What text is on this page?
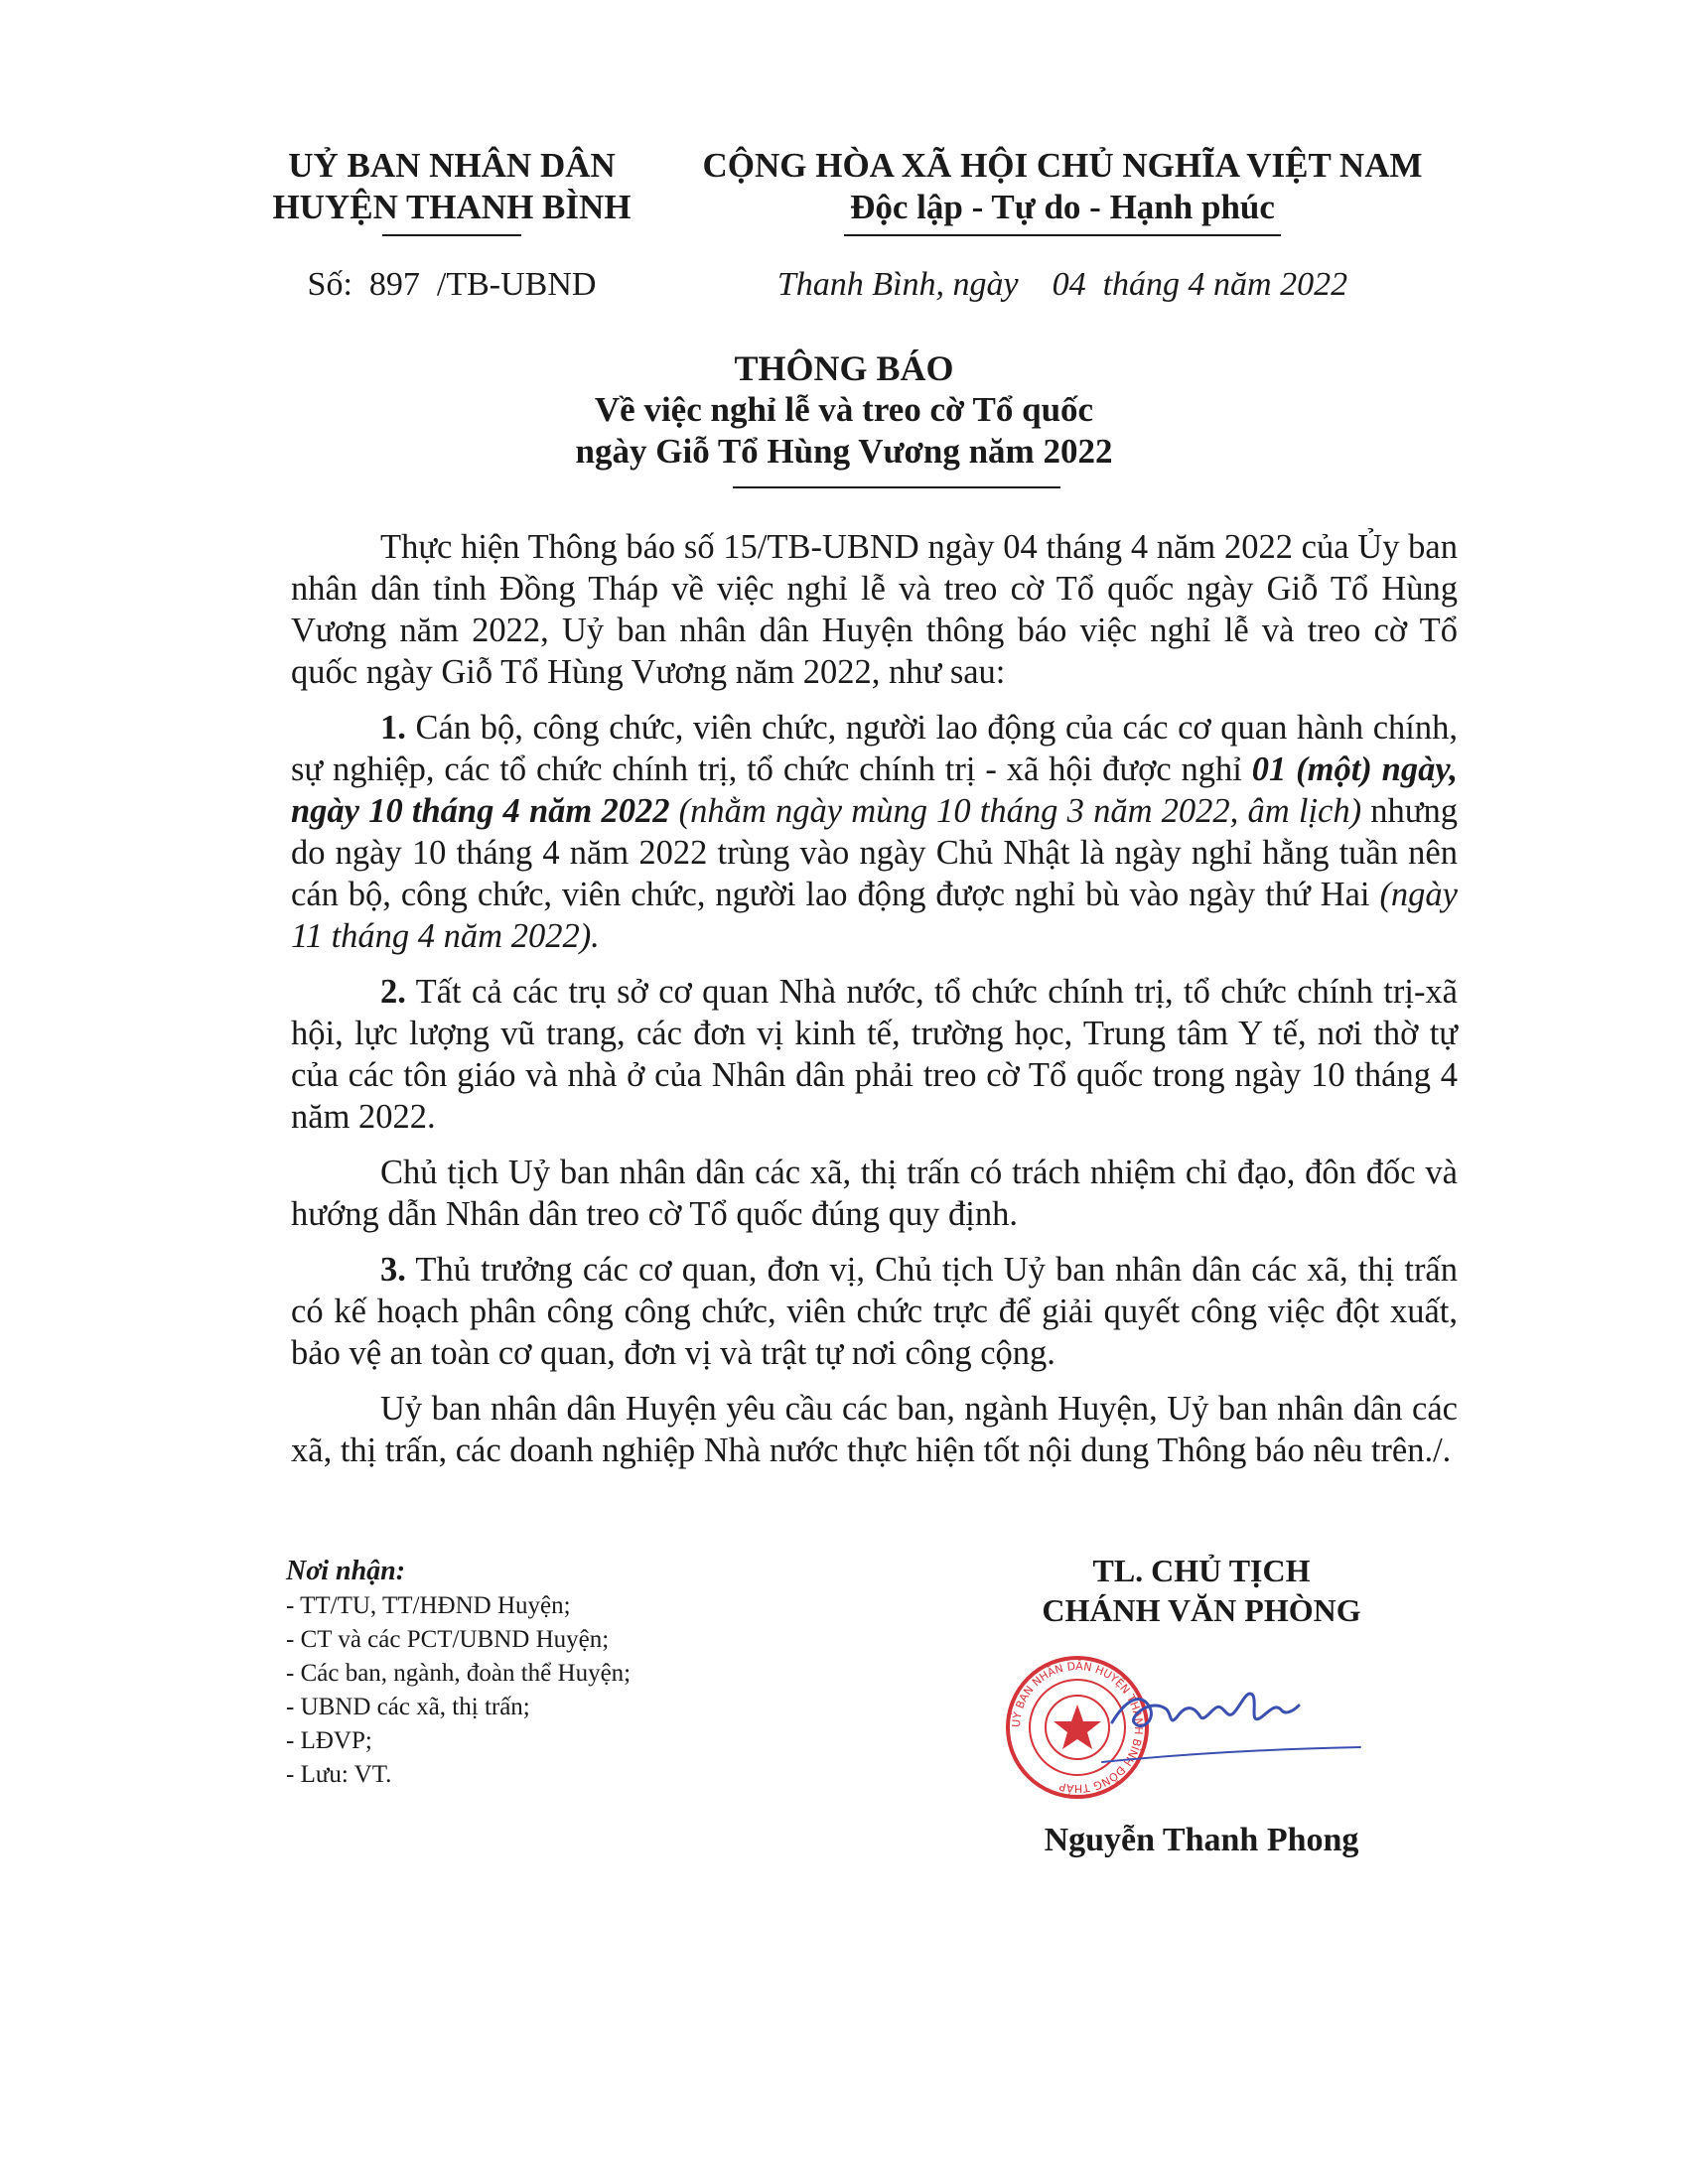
UỶ BAN NHÂN DÂN
HUYỆN THANH BÌNH
CỘNG HÒA XÃ HỘI CHỦ NGHĨA VIỆT NAM
Độc lập - Tự do - Hạnh phúc
Số:  897  /TB-UBND	Thanh Bình, ngày    04  tháng 4 năm 2022
THÔNG BÁO
Về việc nghỉ lễ và treo cờ Tổ quốc
ngày Giỗ Tổ Hùng Vương năm 2022

Thực hiện Thông báo số 15/TB-UBND ngày 04 tháng 4 năm 2022 của Ủy ban nhân dân tỉnh Đồng Tháp về việc nghỉ lễ và treo cờ Tổ quốc ngày Giỗ Tổ Hùng Vương năm 2022, Uỷ ban nhân dân Huyện thông báo việc nghỉ lễ và treo cờ Tổ quốc ngày Giỗ Tổ Hùng Vương năm 2022, như sau:

1. Cán bộ, công chức, viên chức, người lao động của các cơ quan hành chính, sự nghiệp, các tổ chức chính trị, tổ chức chính trị - xã hội được nghỉ 01 (một) ngày, ngày 10 tháng 4 năm 2022 (nhằm ngày mùng 10 tháng 3 năm 2022, âm lịch) nhưng do ngày 10 tháng 4 năm 2022 trùng vào ngày Chủ Nhật là ngày nghỉ hằng tuần nên cán bộ, công chức, viên chức, người lao động được nghỉ bù vào ngày thứ Hai (ngày 11 tháng 4 năm 2022).

2. Tất cả các trụ sở cơ quan Nhà nước, tổ chức chính trị, tổ chức chính trị-xã hội, lực lượng vũ trang, các đơn vị kinh tế, trường học, Trung tâm Y tế, nơi thờ tự của các tôn giáo và nhà ở của Nhân dân phải treo cờ Tổ quốc trong ngày 10 tháng 4 năm 2022.

Chủ tịch Uỷ ban nhân dân các xã, thị trấn có trách nhiệm chỉ đạo, đôn đốc và hướng dẫn Nhân dân treo cờ Tổ quốc đúng quy định.

3. Thủ trưởng các cơ quan, đơn vị, Chủ tịch Uỷ ban nhân dân các xã, thị trấn có kế hoạch phân công công chức, viên chức trực để giải quyết công việc đột xuất, bảo vệ an toàn cơ quan, đơn vị và trật tự nơi công cộng.

Uỷ ban nhân dân Huyện yêu cầu các ban, ngành Huyện, Uỷ ban nhân dân các xã, thị trấn, các doanh nghiệp Nhà nước thực hiện tốt nội dung Thông báo nêu trên./.

Nơi nhận:
- TT/TU, TT/HĐND Huyện;
- CT và các PCT/UBND Huyện;
- Các ban, ngành, đoàn thể Huyện;
- UBND các xã, thị trấn;
- LĐVP;
- Lưu: VT.
TL. CHỦ TỊCH
CHÁNH VĂN PHÒNG
UỶ BAN NHÂN DÂN HUYỆN THANH BÌNH ĐỒNG THÁP
Nguyễn Thanh Phong
